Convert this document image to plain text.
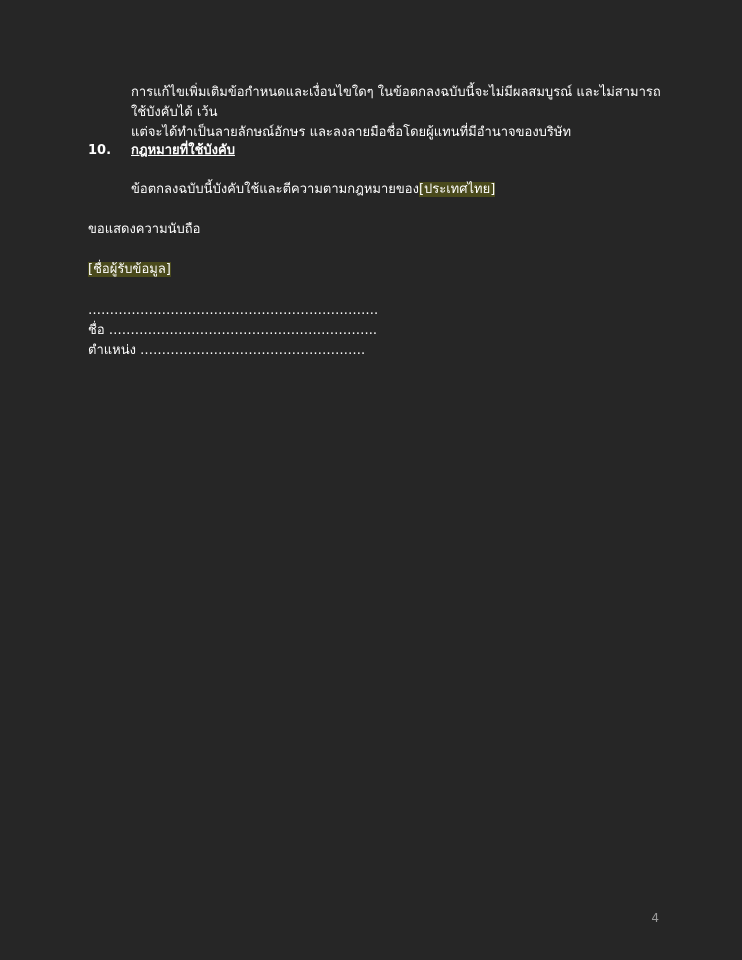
การแก้ไขเพิ่มเติมข้อกำหนดและเงื่อนไขใดๆ ในข้อตกลงฉบับนี้จะไม่มีผลสมบูรณ์ และไม่สามารถใช้บังคับได้ เว้น
แต่จะได้ทำเป็นลายลักษณ์อักษร และลงลายมือชื่อโดยผู้แทนที่มีอำนาจของบริษัท
10. กฎหมายที่ใช้บังคับ
ข้อตกลงฉบับนี้บังคับใช้และตีความตามกฎหมายของ[ประเทศไทย]
ขอแสดงความนับถือ
[ชื่อผู้รับข้อมูล]
………………………………………………………….
ชื่อ ……………………………………………………..
ตำแหน่ง …………………………………………….
4
